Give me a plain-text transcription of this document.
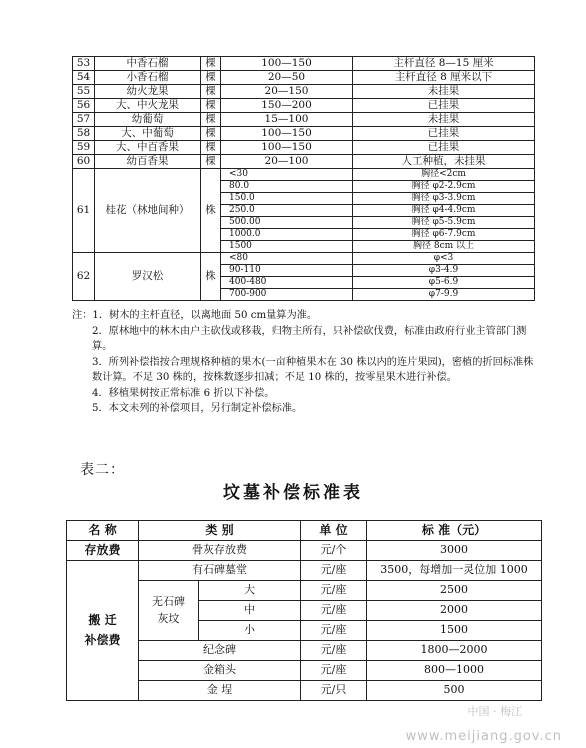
53	中香石榴	棵	100—150	主杆直径 8—15 厘米
54	小香石榴	棵	20—50	主杆直径 8 厘米以下
55	幼火龙果	棵	20—150	未挂果
56	大、中火龙果	棵	150—200	已挂果
57	幼葡萄	棵	15—100	未挂果
58	大、中葡萄	棵	100—150	已挂果
59	大、中百香果	棵	100—150	已挂果
60	幼百香果	棵	20—100	人工种植，未挂果
61	桂花（林地间种）	株	<30	胸径<2cm
			80.0	胸径 φ2-2.9cm
			150.0	胸径 φ3-3.9cm
			250.0	胸径 φ4-4.9cm
			500.00	胸径 φ5-5.9cm
			1000.0	胸径 φ6-7.9cm
			1500	胸径 8cm 以上
62	罗汉松	株	<80	φ<3
			90-110	φ3-4.9
			400-480	φ5-6.9
			700-900	φ7-9.9

注：1．树木的主杆直径，以离地面 50 cm量算为准。

2．原林地中的林木由户主砍伐或移栽，归物主所有，只补偿砍伐费，标准由政府行业主管部门测算。

3．所列补偿指按合理规格种植的果木(一亩种植果木在 30 株以内的连片果园)，密植的折回标准株数计算。不足 30 株的，按株数逐步扣减；不足 10 株的，按零星果木进行补偿。

4．移植果树按正常标准 6 折以下补偿。

5．本文未列的补偿项目，另行制定补偿标准。

表二：
坟墓补偿标准表
名 称	类 别		单 位	标 准（元）
存放费	骨灰存放费		元/个	3000
搬 迁 补偿费	有石碑墓堂		元/座	3500，每增加一灵位加 1000
	无石碑 灰坟	大	元/座	2500
		中	元/座	2000
		小	元/座	1500
	纪念碑		元/座	1800—2000
	金箱头		元/座	800—1000
	金 埕		元/只	500
中国 · 梅江
www.meijiang.gov.cn
